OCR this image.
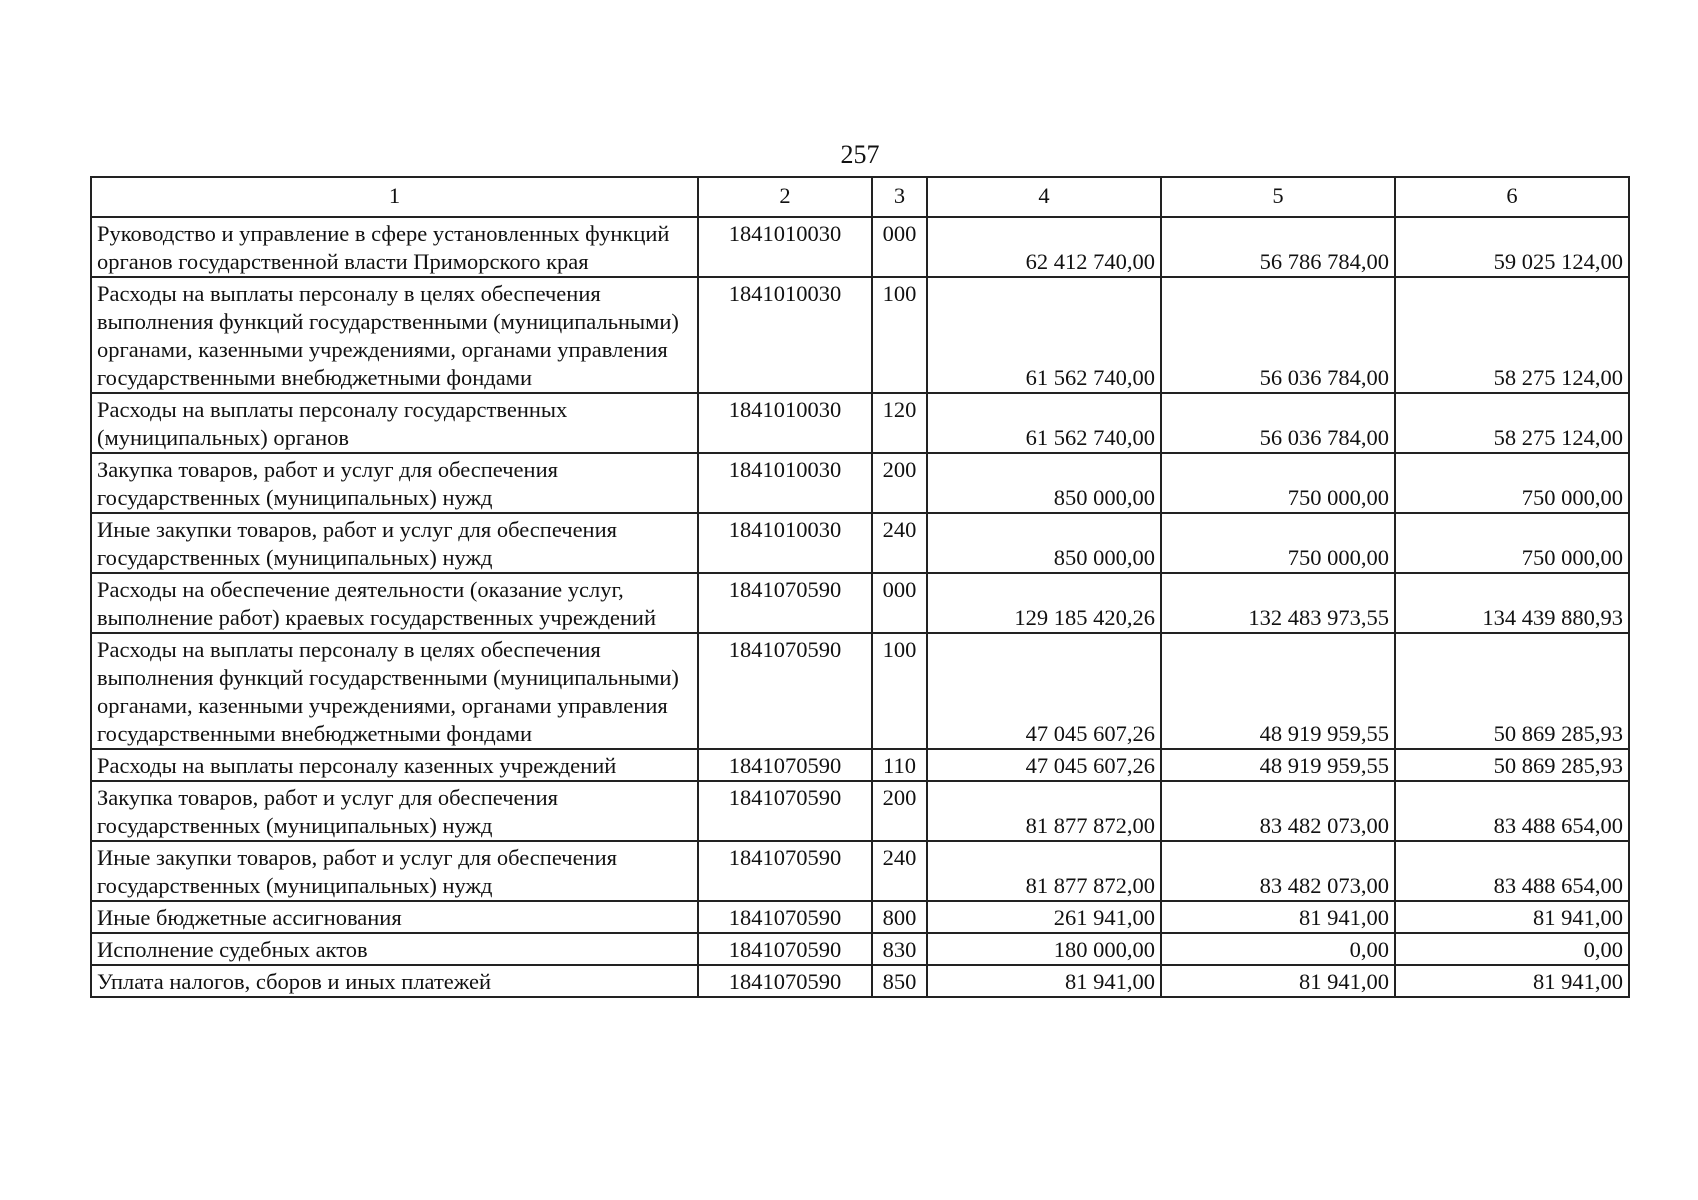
257
1	2	3	4	5	6
Руководство и управление в сфере установленных функций органов государственной власти Приморского края	1841010030	000	62 412 740,00	56 786 784,00	59 025 124,00
Расходы на выплаты персоналу в целях обеспечения выполнения функций государственными (муниципальными) органами, казенными учреждениями, органами управления государственными внебюджетными фондами	1841010030	100	61 562 740,00	56 036 784,00	58 275 124,00
Расходы на выплаты персоналу государственных (муниципальных) органов	1841010030	120	61 562 740,00	56 036 784,00	58 275 124,00
Закупка товаров, работ и услуг для обеспечения государственных (муниципальных) нужд	1841010030	200	850 000,00	750 000,00	750 000,00
Иные закупки товаров, работ и услуг для обеспечения государственных (муниципальных) нужд	1841010030	240	850 000,00	750 000,00	750 000,00
Расходы на обеспечение деятельности (оказание услуг, выполнение работ) краевых государственных учреждений	1841070590	000	129 185 420,26	132 483 973,55	134 439 880,93
Расходы на выплаты персоналу в целях обеспечения выполнения функций государственными (муниципальными) органами, казенными учреждениями, органами управления государственными внебюджетными фондами	1841070590	100	47 045 607,26	48 919 959,55	50 869 285,93
Расходы на выплаты персоналу казенных учреждений	1841070590	110	47 045 607,26	48 919 959,55	50 869 285,93
Закупка товаров, работ и услуг для обеспечения государственных (муниципальных) нужд	1841070590	200	81 877 872,00	83 482 073,00	83 488 654,00
Иные закупки товаров, работ и услуг для обеспечения государственных (муниципальных) нужд	1841070590	240	81 877 872,00	83 482 073,00	83 488 654,00
Иные бюджетные ассигнования	1841070590	800	261 941,00	81 941,00	81 941,00
Исполнение судебных актов	1841070590	830	180 000,00	0,00	0,00
Уплата налогов, сборов и иных платежей	1841070590	850	81 941,00	81 941,00	81 941,00
